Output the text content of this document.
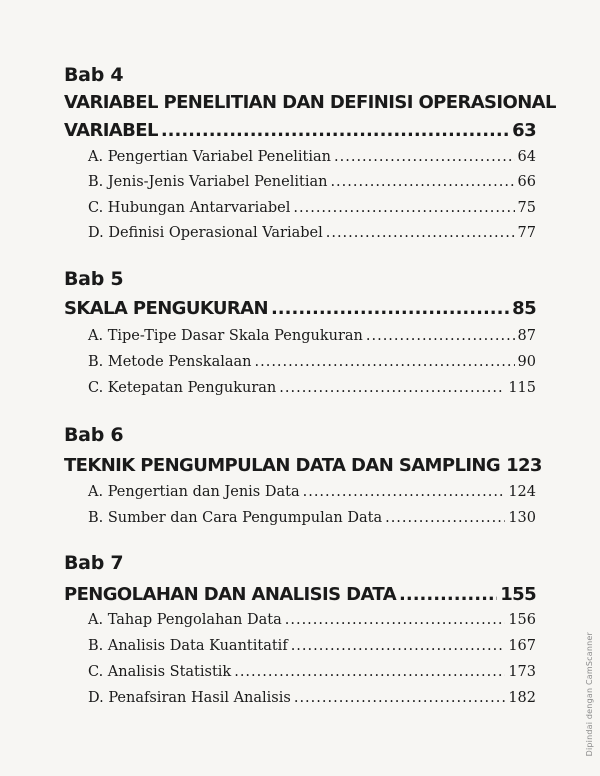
Bab 4
VARIABEL PENELITIAN DAN DEFINISI OPERASIONAL
VARIABEL .....	63
A. Pengertian Variabel Penelitian .....	64
B. Jenis-Jenis Variabel Penelitian .....	66
C. Hubungan Antarvariabel .....	75
D. Definisi Operasional Variabel .....	77
Bab 5
SKALA PENGUKURAN .....	85
A. Tipe-Tipe Dasar Skala Pengukuran .....	87
B. Metode Penskalaan .....	90
C. Ketepatan Pengukuran .....	115
Bab 6
TEKNIK PENGUMPULAN DATA DAN SAMPLING 123
A. Pengertian dan Jenis Data .....	124
B. Sumber dan Cara Pengumpulan Data .....	130
Bab 7
PENGOLAHAN DAN ANALISIS DATA .....	155
A. Tahap Pengolahan Data .....	156
B. Analisis Data Kuantitatif .....	167
C. Analisis Statistik .....	173
D. Penafsiran Hasil Analisis .....	182	Dipindai dengan CamScanner
